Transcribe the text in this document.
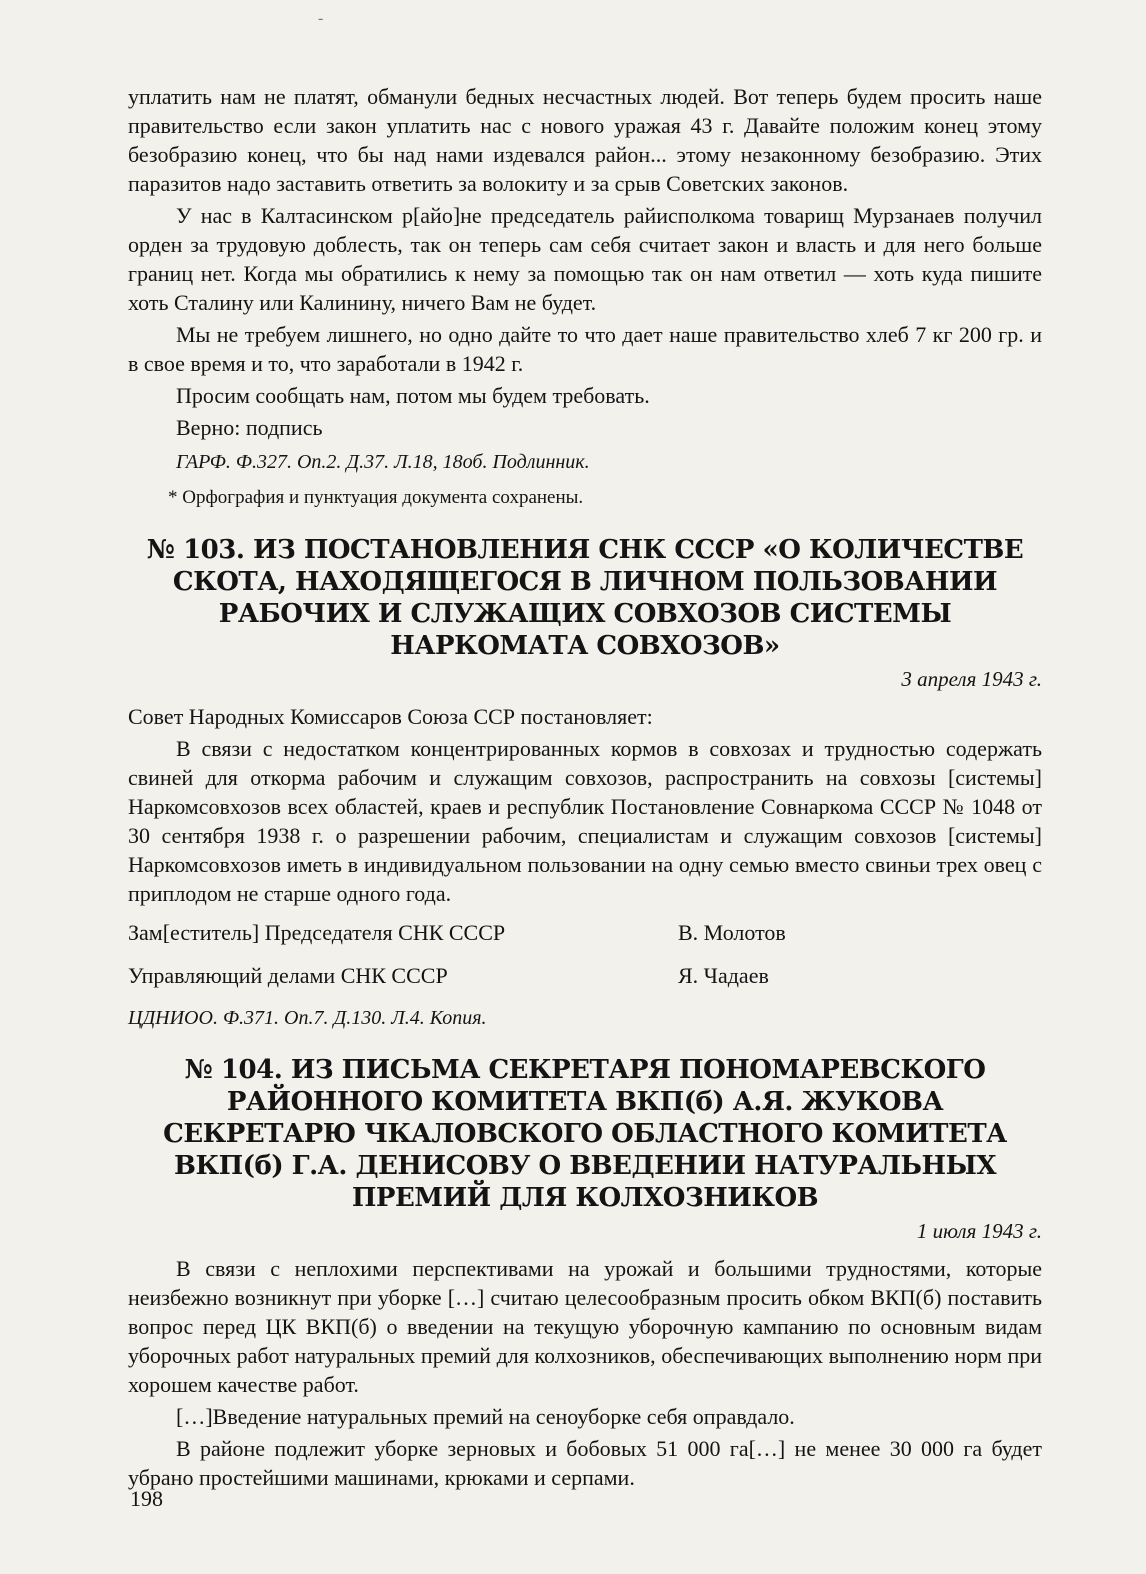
-

уплатить нам не платят, обманули бедных несчастных людей. Вот теперь будем просить наше правительство если закон уплатить нас с нового уражая 43 г. Давайте положим конец этому безобразию конец, что бы над нами издевался район... этому незаконному безобразию. Этих паразитов надо заставить ответить за волокиту и за срыв Советских законов.

У нас в Калтасинском р[айо]не председатель райисполкома товарищ Мурзанаев получил орден за трудовую доблесть, так он теперь сам себя считает закон и власть и для него больше границ нет. Когда мы обратились к нему за помощью так он нам ответил — хоть куда пишите хоть Сталину или Калинину, ничего Вам не будет.

Мы не требуем лишнего, но одно дайте то что дает наше правительство хлеб 7 кг 200 гр. и в свое время и то, что заработали в 1942 г.

Просим сообщать нам, потом мы будем требовать.

Верно: подпись

ГАРФ. Ф.327. Оп.2. Д.37. Л.18, 18об. Подлинник.

* Орфография и пунктуация документа сохранены.

№ 103. ИЗ ПОСТАНОВЛЕНИЯ СНК СССР «О КОЛИЧЕСТВЕ СКОТА, НАХОДЯЩЕГОСЯ В ЛИЧНОМ ПОЛЬЗОВАНИИ РАБОЧИХ И СЛУЖАЩИХ СОВХОЗОВ СИСТЕМЫ НАРКОМАТА СОВХОЗОВ»

3 апреля 1943 г.

Совет Народных Комиссаров Союза ССР постановляет:

В связи с недостатком концентрированных кормов в совхозах и трудностью содержать свиней для откорма рабочим и служащим совхозов, распространить на совхозы [системы] Наркомсовхозов всех областей, краев и республик Постановление Совнаркома СССР № 1048 от 30 сентября 1938 г. о разрешении рабочим, специалистам и служащим совхозов [системы] Наркомсовхозов иметь в индивидуальном пользовании на одну семью вместо свиньи трех овец с приплодом не старше одного года.

Зам[еститель] Председателя СНК СССР	В. Молотов
Управляющий делами СНК СССР	Я. Чадаев

ЦДНИОО. Ф.371. Оп.7. Д.130. Л.4. Копия.

№ 104. ИЗ ПИСЬМА СЕКРЕТАРЯ ПОНОМАРЕВСКОГО РАЙОННОГО КОМИТЕТА ВКП(б) А.Я. ЖУКОВА СЕКРЕТАРЮ ЧКАЛОВСКОГО ОБЛАСТНОГО КОМИТЕТА ВКП(б) Г.А. ДЕНИСОВУ О ВВЕДЕНИИ НАТУРАЛЬНЫХ ПРЕМИЙ ДЛЯ КОЛХОЗНИКОВ

1 июля 1943 г.

В связи с неплохими перспективами на урожай и большими трудностями, которые неизбежно возникнут при уборке […] считаю целесообразным просить обком ВКП(б) поставить вопрос перед ЦК ВКП(б) о введении на текущую уборочную кампанию по основным видам уборочных работ натуральных премий для колхозников, обеспечивающих выполнению норм при хорошем качестве работ.

[…]Введение натуральных премий на сеноуборке себя оправдало.

В районе подлежит уборке зерновых и бобовых 51 000 га[…] не менее 30 000 га будет убрано простейшими машинами, крюками и серпами.

198
